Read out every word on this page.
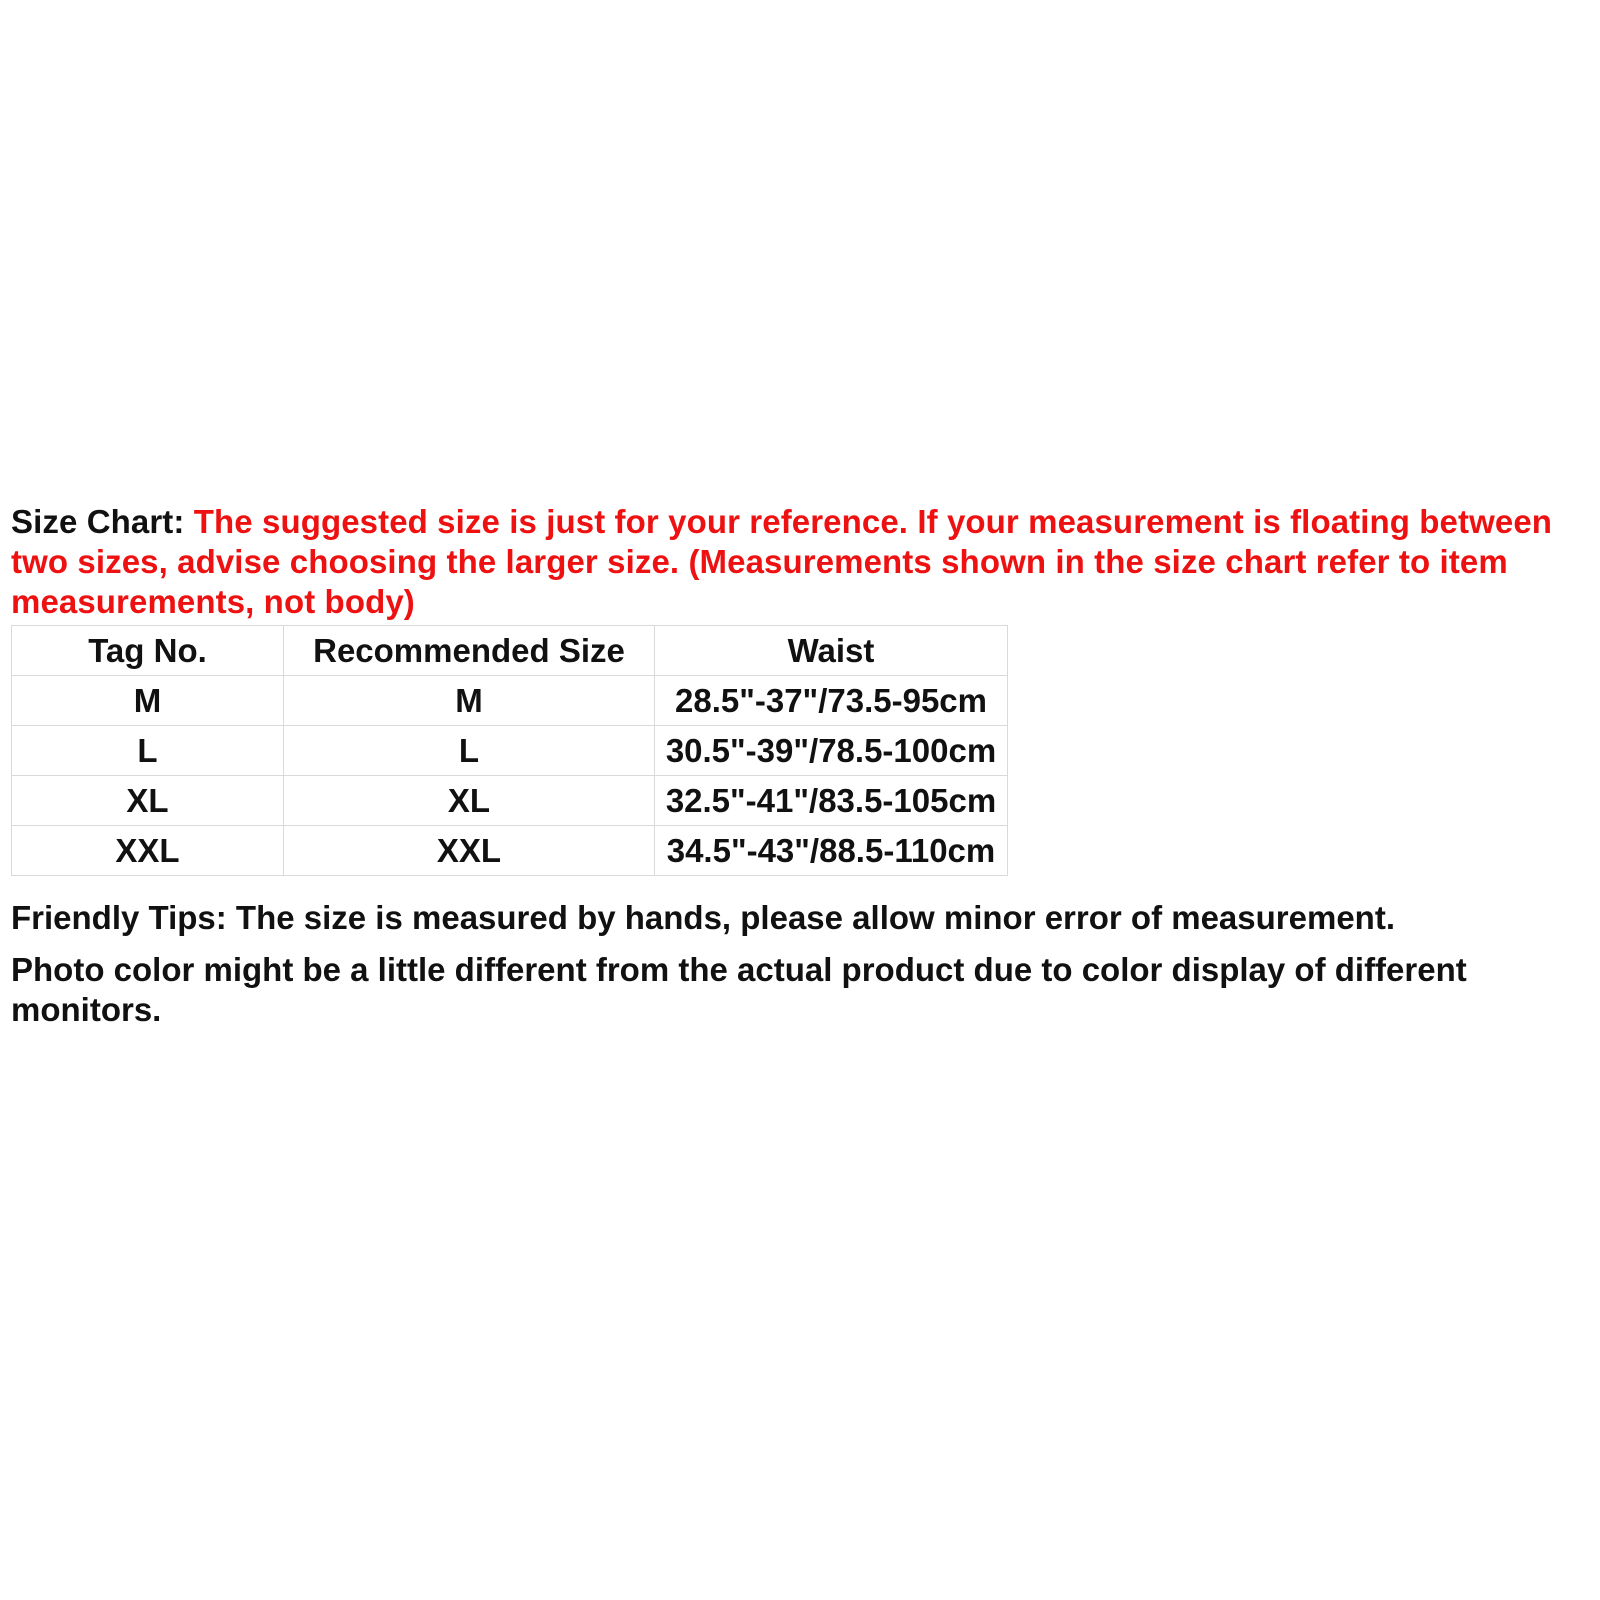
Size Chart: The suggested size is just for your reference. If your measurement is floating between two sizes, advise choosing the larger size. (Measurements shown in the size chart refer to item measurements, not body)

Tag No.	Recommended Size	Waist
M	M	28.5"-37"/73.5-95cm
L	L	30.5"-39"/78.5-100cm
XL	XL	32.5"-41"/83.5-105cm
XXL	XXL	34.5"-43"/88.5-110cm

Friendly Tips: The size is measured by hands, please allow minor error of measurement.

Photo color might be a little different from the actual product due to color display of different monitors.
